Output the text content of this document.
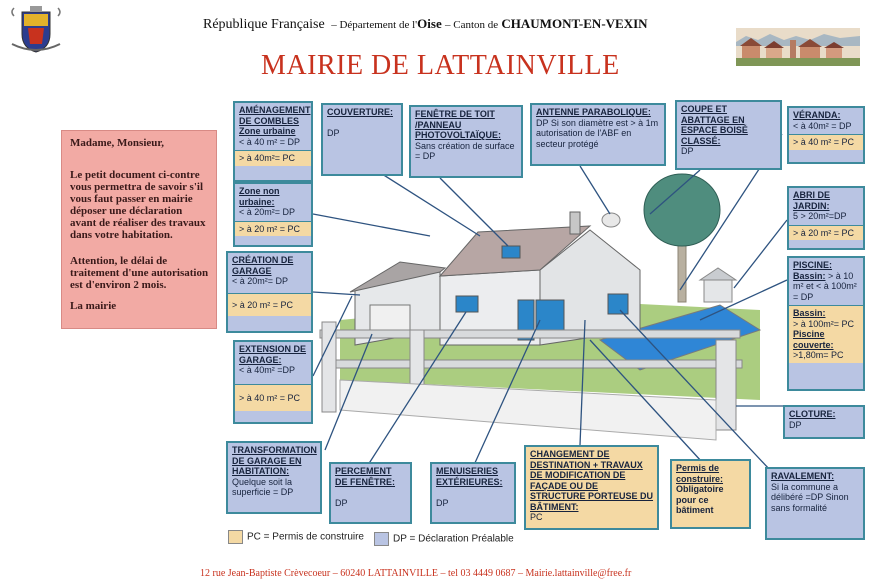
République Française – Département de l'Oise – Canton de CHAUMONT-EN-VEXIN
MAIRIE DE LATTAINVILLE

Madame, Monsieur,

Le petit document ci-contre vous permettra de savoir s'il vous faut passer en mairie déposer une déclaration avant de réaliser des travaux dans votre habitation.

Attention, le délai de traitement d'une autorisation est d'environ 2 mois.

La mairie

AMÉNAGEMENT DE COMBLES
Zone urbaine
< à 40 m² = DP
> à 40m²= PC
Zone non urbaine:
< à 20m²= DP
> à 20 m² = PC
COUVERTURE:

DP
FENÊTRE DE TOIT /PANNEAU PHOTOVOLTAÏQUE:
Sans création de surface = DP
ANTENNE PARABOLIQUE:
DP Si son diamètre est > à 1m autorisation de l'ABF en secteur protégé
COUPE ET ABATTAGE EN ESPACE BOISÉ CLASSÉ:
DP
VÉRANDA:
< à 40m² = DP
> à 40 m² = PC
ABRI DE JARDIN:
5 > 20m²=DP
> à 20 m² = PC
CRÉATION DE GARAGE
< à 20m²= DP
> à 20 m² = PC
PISCINE:
Bassin: > à 10 m² et < à 100m² = DP
Bassin:
> à 100m²= PC
Piscine couverte:
>1,80m= PC
EXTENSION DE GARAGE:
< à 40m² =DP
> à 40 m² = PC
CLOTURE:
DP
TRANSFORMATION DE GARAGE EN HABITATION:
Quelque soit la superficie = DP
PERCEMENT DE FENÊTRE:

DP
MENUISERIES EXTÉRIEURES:

DP
CHANGEMENT DE DESTINATION + TRAVAUX DE MODIFICATION DE FAÇADE OU DE STRUCTURE PORTEUSE DU BÂTIMENT:
PC
Permis de construire:
Obligatoire pour ce bâtiment
RAVALEMENT:
Si la commune a délibéré =DP Sinon sans formalité
PC = Permis de construire	DP = Déclaration Préalable
12 rue Jean-Baptiste Crèvecoeur – 60240 LATTAINVILLE – tel 03 4449 0687 – Mairie.lattainville@free.fr
